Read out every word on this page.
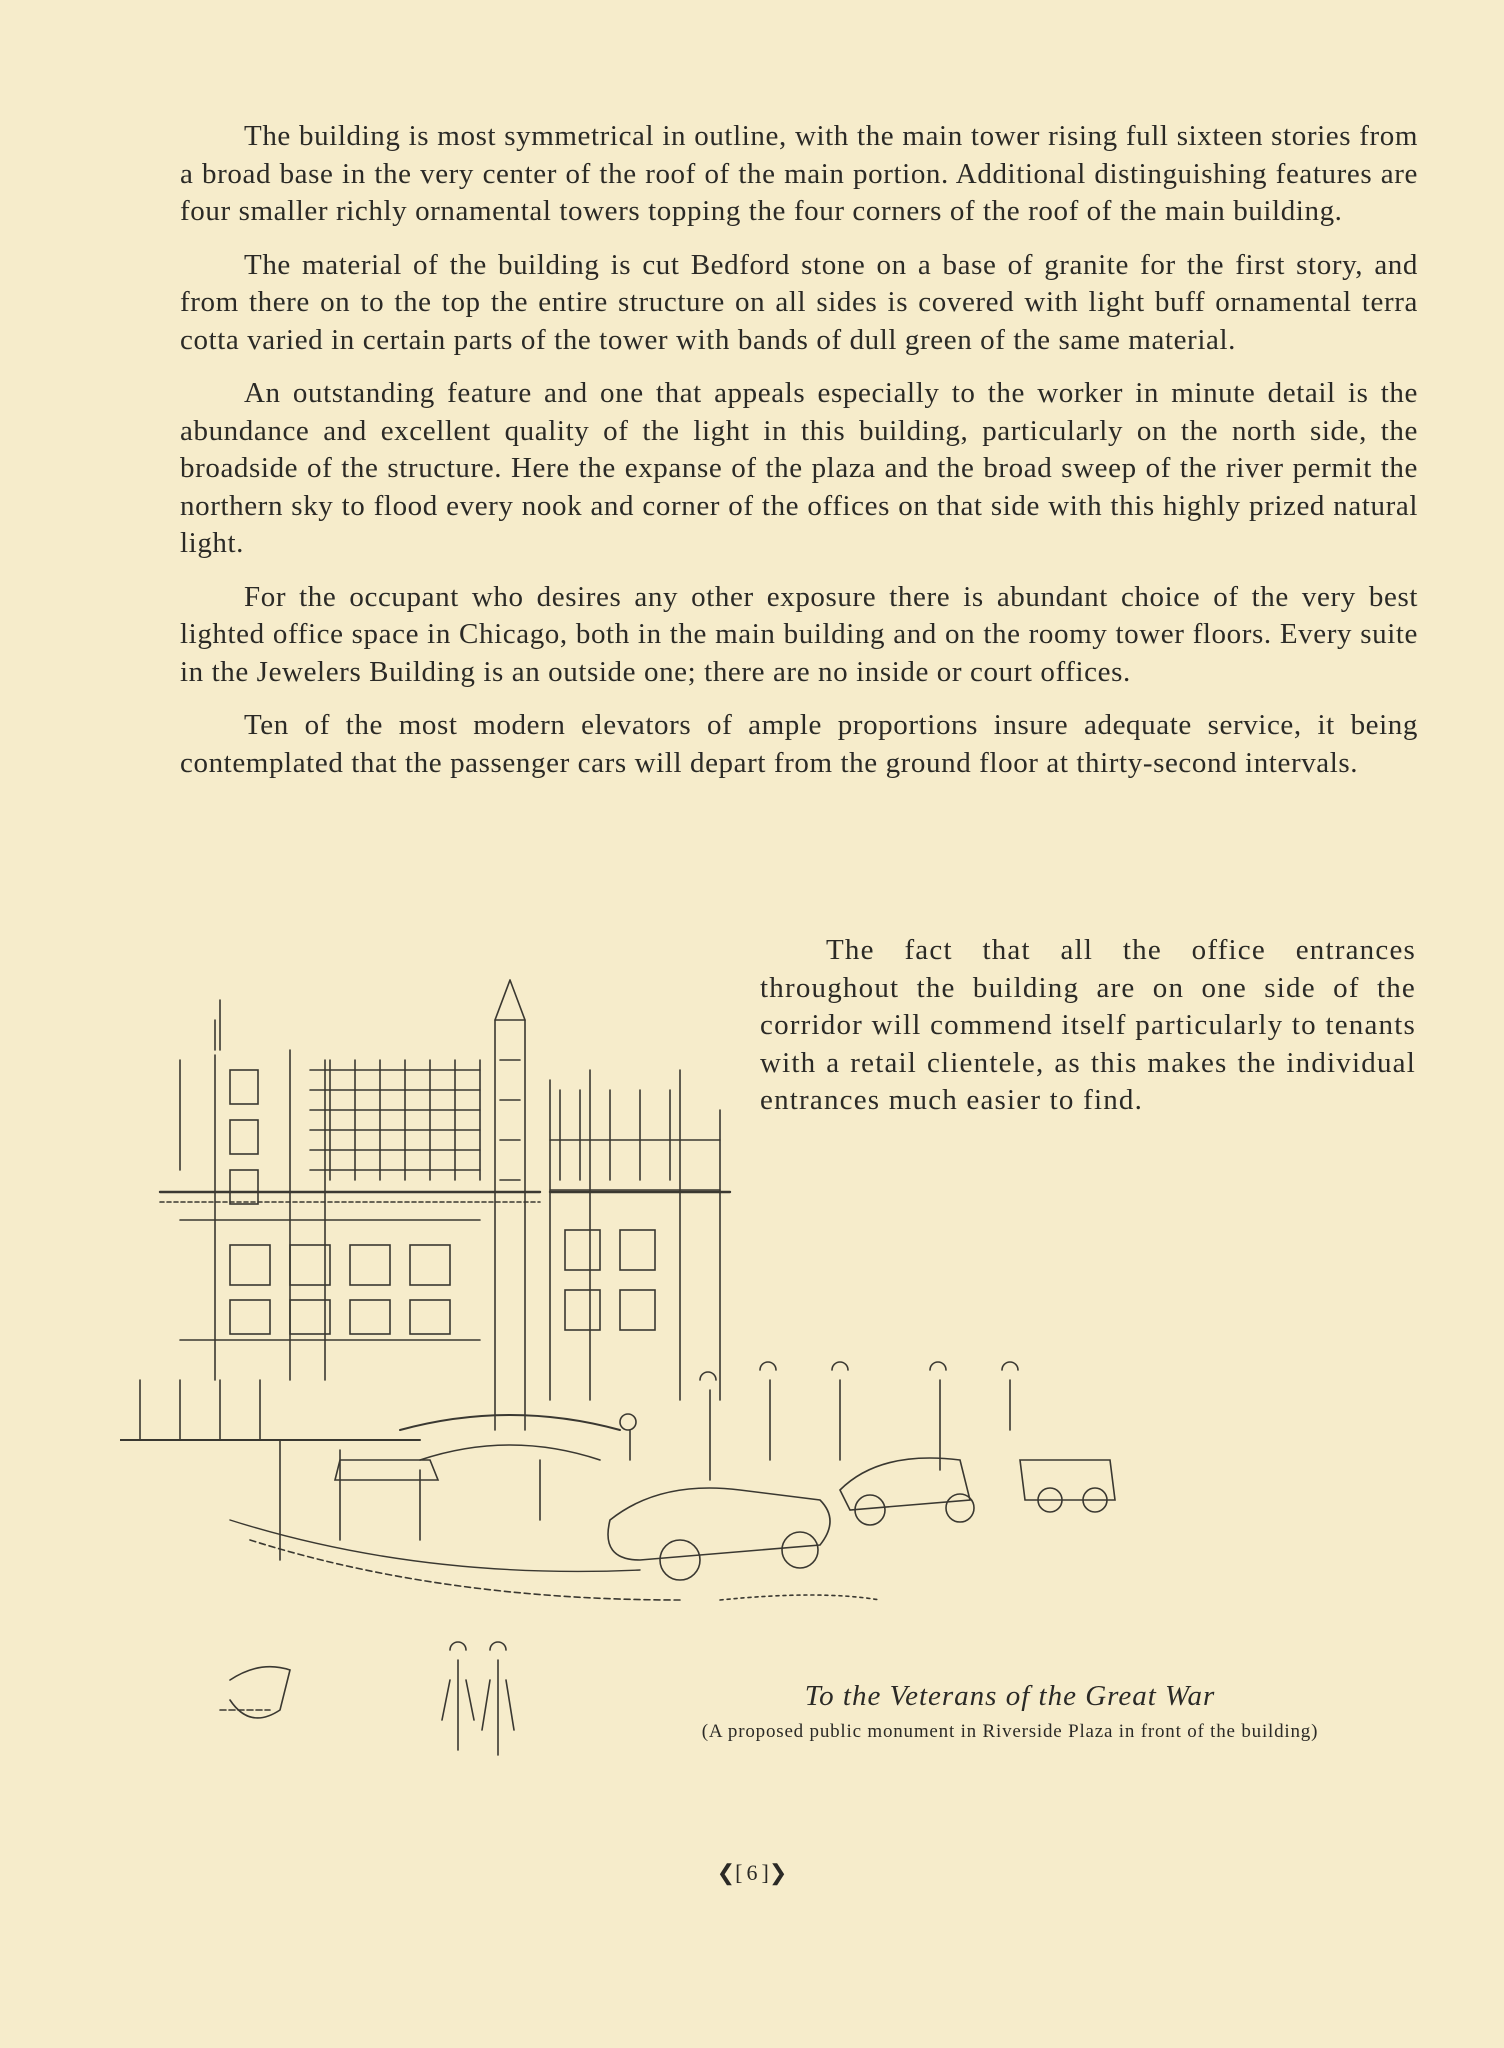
The building is most symmetrical in outline, with the main tower rising full sixteen stories from a broad base in the very center of the roof of the main portion. Additional distinguishing features are four smaller richly ornamental towers topping the four corners of the roof of the main building.

The material of the building is cut Bedford stone on a base of granite for the first story, and from there on to the top the entire structure on all sides is covered with light buff ornamental terra cotta varied in certain parts of the tower with bands of dull green of the same material.

An outstanding feature and one that appeals especially to the worker in minute detail is the abundance and excellent quality of the light in this building, particularly on the north side, the broadside of the structure. Here the expanse of the plaza and the broad sweep of the river permit the northern sky to flood every nook and corner of the offices on that side with this highly prized natural light.

For the occupant who desires any other exposure there is abundant choice of the very best lighted office space in Chicago, both in the main building and on the roomy tower floors. Every suite in the Jewelers Building is an outside one; there are no inside or court offices.

Ten of the most modern elevators of ample proportions insure adequate service, it being contemplated that the passenger cars will depart from the ground floor at thirty-second intervals.

The fact that all the office entrances throughout the building are on one side of the corridor will commend itself particularly to tenants with a retail clientele, as this makes the individual entrances much easier to find.

To the Veterans of the Great War

(A proposed public monument in Riverside Plaza in front of the building)

❮[ 6 ]❯
